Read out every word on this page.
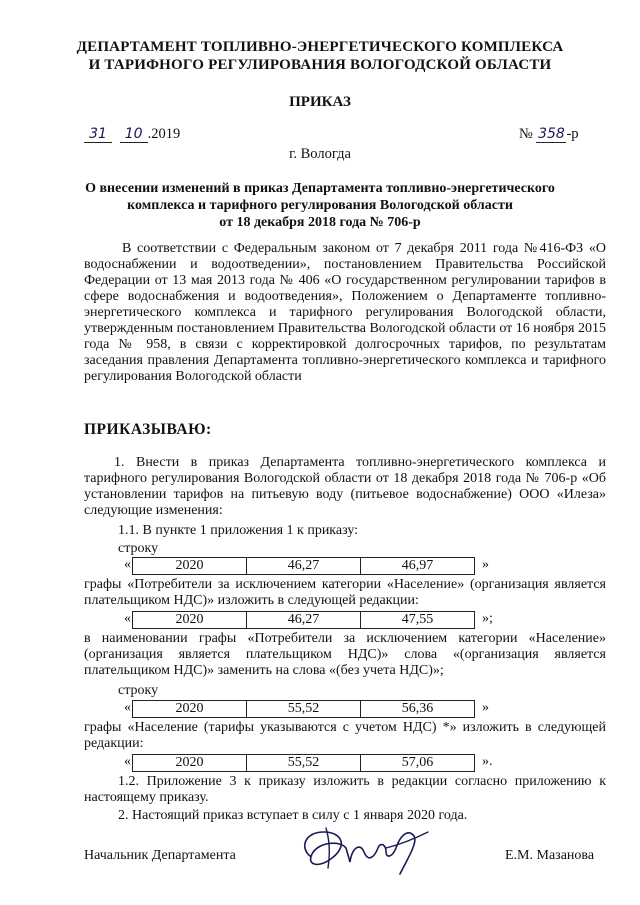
ДЕПАРТАМЕНТ ТОПЛИВНО-ЭНЕРГЕТИЧЕСКОГО КОМПЛЕКСА
И ТАРИФНОГО РЕГУЛИРОВАНИЯ ВОЛОГОДСКОЙ ОБЛАСТИ
ПРИКАЗ
31 10 .2019	№ 358 -р
г. Вологда
О внесении изменений в приказ Департамента топливно-энергетического
комплекса и тарифного регулирования Вологодской области
от 18 декабря 2018 года № 706-р

В соответствии с Федеральным законом от 7 декабря 2011 года №416-ФЗ «О водоснабжении и водоотведении», постановлением Правительства Российской Федерации от 13 мая 2013 года № 406 «О государственном регулировании тарифов в сфере водоснабжения и водоотведения», Положением о Департаменте топливно-энергетического комплекса и тарифного регулирования Вологодской области, утвержденным постановлением Правительства Вологодской области от 16 ноября 2015 года № 958, в связи с корректировкой долгосрочных тарифов, по результатам заседания правления Департамента топливно-энергетического комплекса и тарифного регулирования Вологодской области

ПРИКАЗЫВАЮ:

1. Внести в приказ Департамента топливно-энергетического комплекса и тарифного регулирования Вологодской области от 18 декабря 2018 года № 706-р «Об установлении тарифов на питьевую воду (питьевое водоснабжение) ООО «Илеза» следующие изменения:

1.1. В пункте 1 приложения 1 к приказу:
строку
«	2020	46,27	46,97	»

графы «Потребители за исключением категории «Население» (организация является плательщиком НДС)» изложить в следующей редакции:

«	2020	46,27	47,55	»;

в наименовании графы «Потребители за исключением категории «Население» (организация является плательщиком НДС)» слова «(организация является плательщиком НДС)» заменить на слова «(без учета НДС)»;

строку
«	2020	55,52	56,36	»

графы «Население (тарифы указываются с учетом НДС) *» изложить в следующей редакции:

«	2020	55,52	57,06	».

1.2. Приложение 3 к приказу изложить в редакции согласно приложению к настоящему приказу.

2. Настоящий приказ вступает в силу с 1 января 2020 года.

Начальник Департамента	Е.М. Мазанова
